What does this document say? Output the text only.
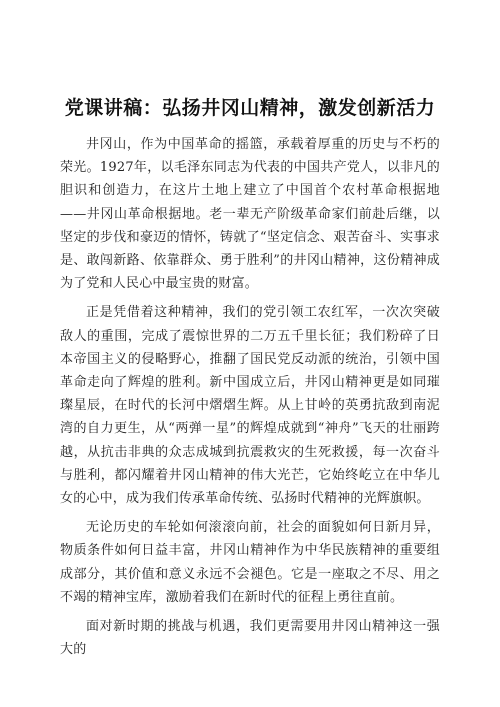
党课讲稿：弘扬井冈山精神，激发创新活力

井冈山，作为中国革命的摇篮，承载着厚重的历史与不朽的荣光。1927年，以毛泽东同志为代表的中国共产党人，以非凡的胆识和创造力，在这片土地上建立了中国首个农村革命根据地——井冈山革命根据地。老一辈无产阶级革命家们前赴后继，以坚定的步伐和豪迈的情怀，铸就了“坚定信念、艰苦奋斗、实事求是、敢闯新路、依靠群众、勇于胜利”的井冈山精神，这份精神成为了党和人民心中最宝贵的财富。

正是凭借着这种精神，我们的党引领工农红军，一次次突破敌人的重围，完成了震惊世界的二万五千里长征；我们粉碎了日本帝国主义的侵略野心，推翻了国民党反动派的统治，引领中国革命走向了辉煌的胜利。新中国成立后，井冈山精神更是如同璀璨星辰，在时代的长河中熠熠生辉。从上甘岭的英勇抗敌到南泥湾的自力更生，从“两弹一星”的辉煌成就到“神舟”飞天的壮丽跨越，从抗击非典的众志成城到抗震救灾的生死救援，每一次奋斗与胜利，都闪耀着井冈山精神的伟大光芒，它始终屹立在中华儿女的心中，成为我们传承革命传统、弘扬时代精神的光辉旗帜。

无论历史的车轮如何滚滚向前，社会的面貌如何日新月异，物质条件如何日益丰富，井冈山精神作为中华民族精神的重要组成部分，其价值和意义永远不会褪色。它是一座取之不尽、用之不竭的精神宝库，激励着我们在新时代的征程上勇往直前。

面对新时期的挑战与机遇，我们更需要用井冈山精神这一强大的
